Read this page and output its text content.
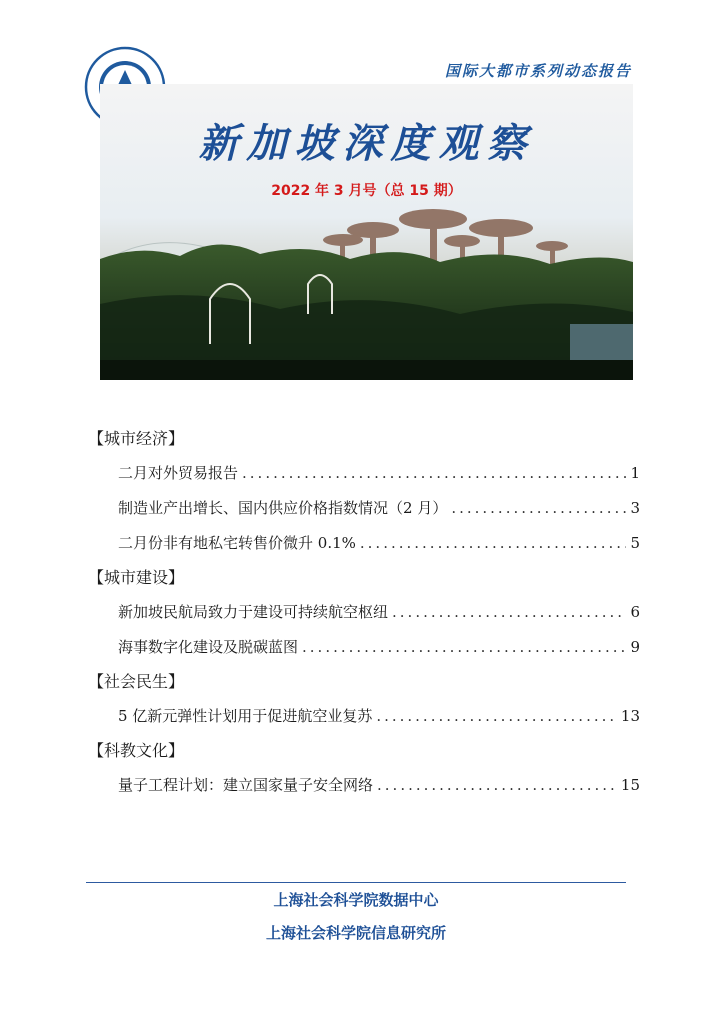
国际大都市系列动态报告
新加坡深度观察
2022 年 3 月号（总 15 期）
【城市经济】
二月对外贸易报告 .....	1
制造业产出增长、国内供应价格指数情况（2 月） .....	3
二月份非有地私宅转售价微升 0.1% .....	5
【城市建设】
新加坡民航局致力于建设可持续航空枢纽 .....	6
海事数字化建设及脱碳蓝图 .....	9
【社会民生】
5 亿新元弹性计划用于促进航空业复苏 .....	13
【科教文化】
量子工程计划：建立国家量子安全网络 .....	15
上海社会科学院数据中心
上海社会科学院信息研究所
